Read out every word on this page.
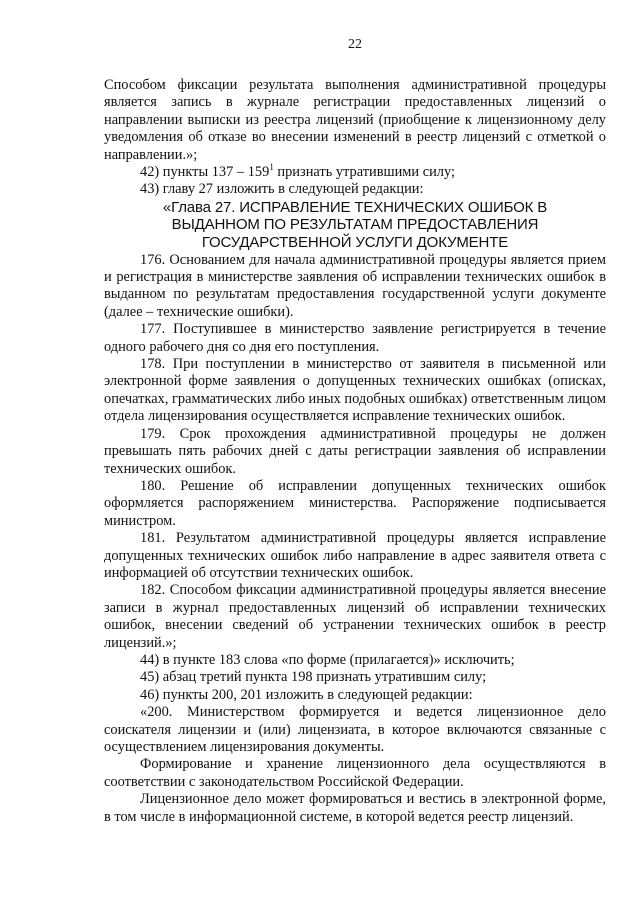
22

Способом фиксации результата выполнения административной процедуры является запись в журнале регистрации предоставленных лицензий о направлении выписки из реестра лицензий (приобщение к лицензионному делу уведомления об отказе во внесении изменений в реестр лицензий с отметкой о направлении.»;

42) пункты $137 - 159^1$ признать утратившими силу;

43) главу 27 изложить в следующей редакции:

«Глава 27. ИСПРАВЛЕНИЕ ТЕХНИЧЕСКИХ ОШИБОК В
ВЫДАННОМ ПО РЕЗУЛЬТАТАМ ПРЕДОСТАВЛЕНИЯ
ГОСУДАРСТВЕННОЙ УСЛУГИ ДОКУМЕНТЕ

176. Основанием для начала административной процедуры является прием и регистрация в министерстве заявления об исправлении технических ошибок в выданном по результатам предоставления государственной услуги документе (далее – технические ошибки).

177. Поступившее в министерство заявление регистрируется в течение одного рабочего дня со дня его поступления.

178. При поступлении в министерство от заявителя в письменной или электронной форме заявления о допущенных технических ошибках (описках, опечатках, грамматических либо иных подобных ошибках) ответственным лицом отдела лицензирования осуществляется исправление технических ошибок.

179. Срок прохождения административной процедуры не должен превышать пять рабочих дней с даты регистрации заявления об исправлении технических ошибок.

180. Решение об исправлении допущенных технических ошибок оформляется распоряжением министерства. Распоряжение подписывается министром.

181. Результатом административной процедуры является исправление допущенных технических ошибок либо направление в адрес заявителя ответа с информацией об отсутствии технических ошибок.

182. Способом фиксации административной процедуры является внесение записи в журнал предоставленных лицензий об исправлении технических ошибок, внесении сведений об устранении технических ошибок в реестр лицензий.»;

44) в пункте 183 слова «по форме (прилагается)» исключить;

45) абзац третий пункта 198 признать утратившим силу;

46) пункты 200, 201 изложить в следующей редакции:

«200. Министерством формируется и ведется лицензионное дело соискателя лицензии и (или) лицензиата, в которое включаются связанные с осуществлением лицензирования документы.

Формирование и хранение лицензионного дела осуществляются в соответствии с законодательством Российской Федерации.

Лицензионное дело может формироваться и вестись в электронной форме, в том числе в информационной системе, в которой ведется реестр лицензий.
